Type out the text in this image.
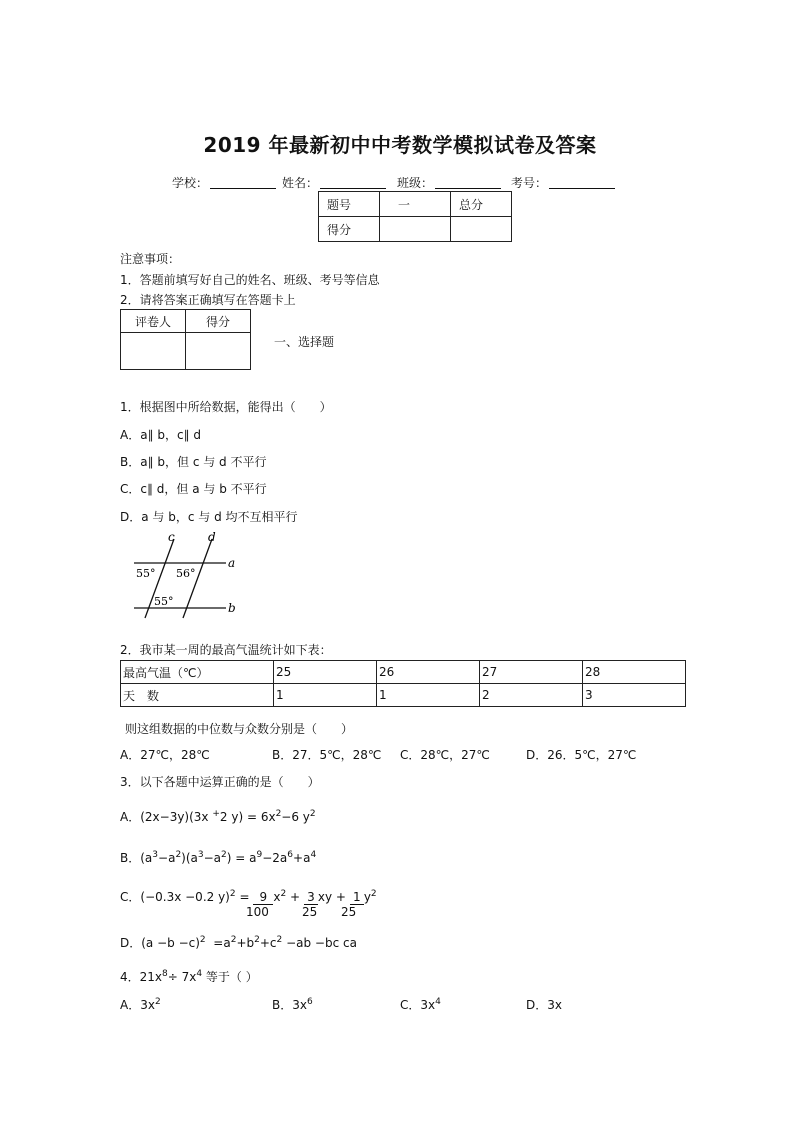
2019 年最新初中中考数学模拟试卷及答案
学校：	姓名：	班级：	考号：
题号	一	总分
得分		
注意事项：
1．答题前填写好自己的姓名、班级、考号等信息
2．请将答案正确填写在答题卡上
评卷人	得分

一、选择题
1．根据图中所给数据，能得出（　　）
A．a∥ b，c∥ d
B．a∥ b，但 c 与 d 不平行
C．c∥ d，但 a 与 b 不平行
D．a 与 b，c 与 d 均不互相平行
c	d
a
b
55° 56°
55°
2．我市某一周的最高气温统计如下表：
最高气温（℃）	25	26	27	28
天　数	1	1	2	3
则这组数据的中位数与众数分别是（　　）
A．27℃，28℃	B．27．5℃，28℃ C．28℃，27℃	D．26．5℃，27℃
3．以下各题中运算正确的是（　　）
A．(2x−3y)(3x +2 $y) = 6x^2-6$ $y^2$
B．$(a^3-a^2)(a^3-a^2) = a^9-2a^6+a^4$
C．(−0.3x −0.2 y)$^2$ = 9 $x^2 + 3$ xy + 1 $y^2$
100	25 25
D．$(a -b -c)^2 =a^2+b^2+c^2 -ab -bc$ ca
4．$21x^8\div 7x^4$ 等于（ ）
A．$3x^2$	B．$3x^6$	C．$3x^4$	D．3x
